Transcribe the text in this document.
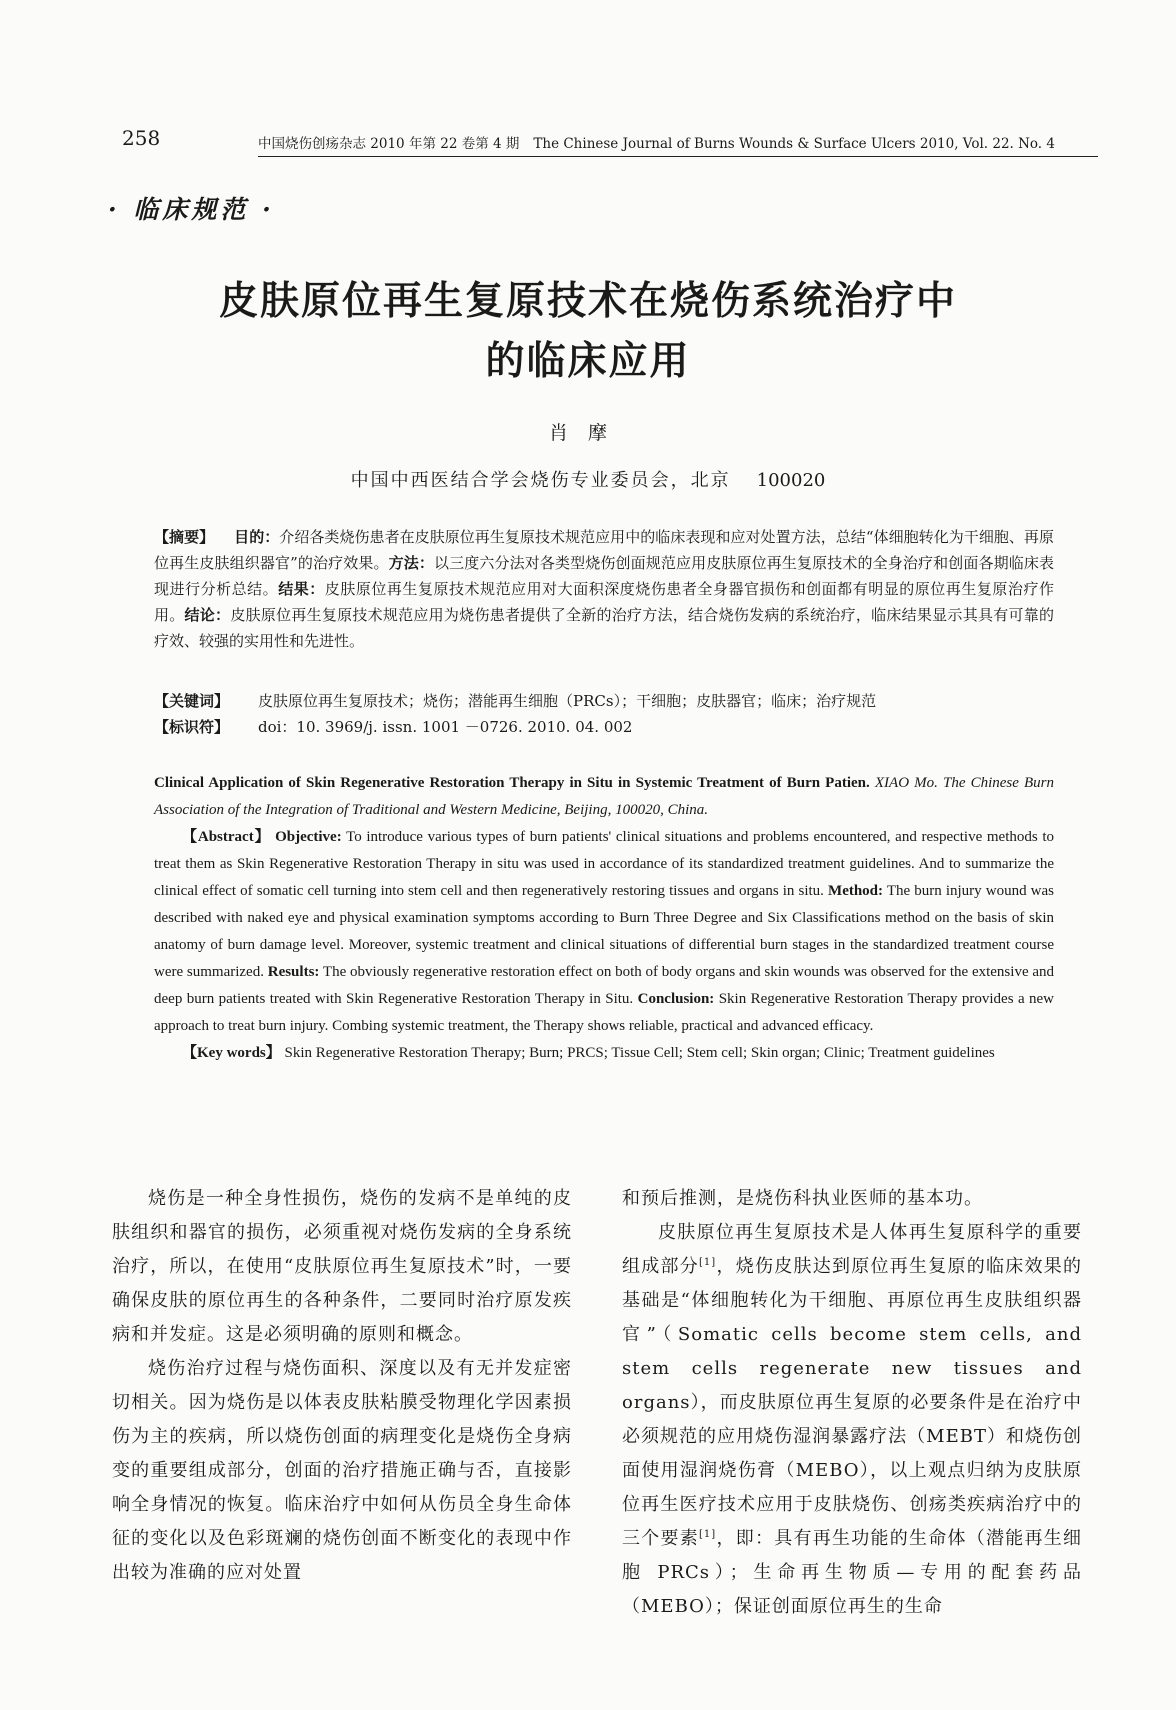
258	中国烧伤创疡杂志 2010 年第 22 卷第 4 期 The Chinese Journal of Burns Wounds & Surface Ulcers 2010, Vol. 22. No. 4
· 临床规范 ·
皮肤原位再生复原技术在烧伤系统治疗中
的临床应用
肖摩
中国中西医结合学会烧伤专业委员会，北京 100020
【摘要】 目的：介绍各类烧伤患者在皮肤原位再生复原技术规范应用中的临床表现和应对处置方法，总结“体细胞转化为干细胞、再原位再生皮肤组织器官”的治疗效果。方法：以三度六分法对各类型烧伤创面规范应用皮肤原位再生复原技术的全身治疗和创面各期临床表现进行分析总结。结果：皮肤原位再生复原技术规范应用对大面积深度烧伤患者全身器官损伤和创面都有明显的原位再生复原治疗作用。结论：皮肤原位再生复原技术规范应用为烧伤患者提供了全新的治疗方法，结合烧伤发病的系统治疗，临床结果显示其具有可靠的疗效、较强的实用性和先进性。
【关键词】 皮肤原位再生复原技术；烧伤；潜能再生细胞（PRCs）；干细胞；皮肤器官；临床；治疗规范
【标识符】 doi：10. 3969/j. issn. 1001 －0726. 2010. 04. 002

Clinical Application of Skin Regenerative Restoration Therapy in Situ in Systemic Treatment of Burn Patien. XIAO Mo. The Chinese Burn Association of the Integration of Traditional and Western Medicine, Beijing, 100020, China.

【Abstract】 Objective: To introduce various types of burn patients' clinical situations and problems encountered, and respective methods to treat them as Skin Regenerative Restoration Therapy in situ was used in accordance of its standardized treatment guidelines. And to summarize the clinical effect of somatic cell turning into stem cell and then regeneratively restoring tissues and organs in situ. Method: The burn injury wound was described with naked eye and physical examination symptoms according to Burn Three Degree and Six Classifications method on the basis of skin anatomy of burn damage level. Moreover, systemic treatment and clinical situations of differential burn stages in the standardized treatment course were summarized. Results: The obviously regenerative restoration effect on both of body organs and skin wounds was observed for the extensive and deep burn patients treated with Skin Regenerative Restoration Therapy in Situ. Conclusion: Skin Regenerative Restoration Therapy provides a new approach to treat burn injury. Combing systemic treatment, the Therapy shows reliable, practical and advanced efficacy.

【Key words】 Skin Regenerative Restoration Therapy; Burn; PRCS; Tissue Cell; Stem cell; Skin organ; Clinic; Treatment guidelines

烧伤是一种全身性损伤，烧伤的发病不是单纯的皮肤组织和器官的损伤，必须重视对烧伤发病的全身系统治疗，所以，在使用“皮肤原位再生复原技术”时，一要确保皮肤的原位再生的各种条件，二要同时治疗原发疾病和并发症。这是必须明确的原则和概念。

烧伤治疗过程与烧伤面积、深度以及有无并发症密切相关。因为烧伤是以体表皮肤粘膜受物理化学因素损伤为主的疾病，所以烧伤创面的病理变化是烧伤全身病变的重要组成部分，创面的治疗措施正确与否，直接影响全身情况的恢复。临床治疗中如何从伤员全身生命体征的变化以及色彩斑斓的烧伤创面不断变化的表现中作出较为准确的应对处置

和预后推测，是烧伤科执业医师的基本功。

皮肤原位再生复原技术是人体再生复原科学的重要组成部分[1]，烧伤皮肤达到原位再生复原的临床效果的基础是“体细胞转化为干细胞、再原位再生皮肤组织器官”（Somatic cells become stem cells, and stem cells regenerate new tissues and organs），而皮肤原位再生复原的必要条件是在治疗中必须规范的应用烧伤湿润暴露疗法（MEBT）和烧伤创面使用湿润烧伤膏（MEBO），以上观点归纳为皮肤原位再生医疗技术应用于皮肤烧伤、创疡类疾病治疗中的三个要素[1]，即：具有再生功能的生命体（潜能再生细胞 PRCs）；生命再生物质—专用的配套药品（MEBO）；保证创面原位再生的生命
